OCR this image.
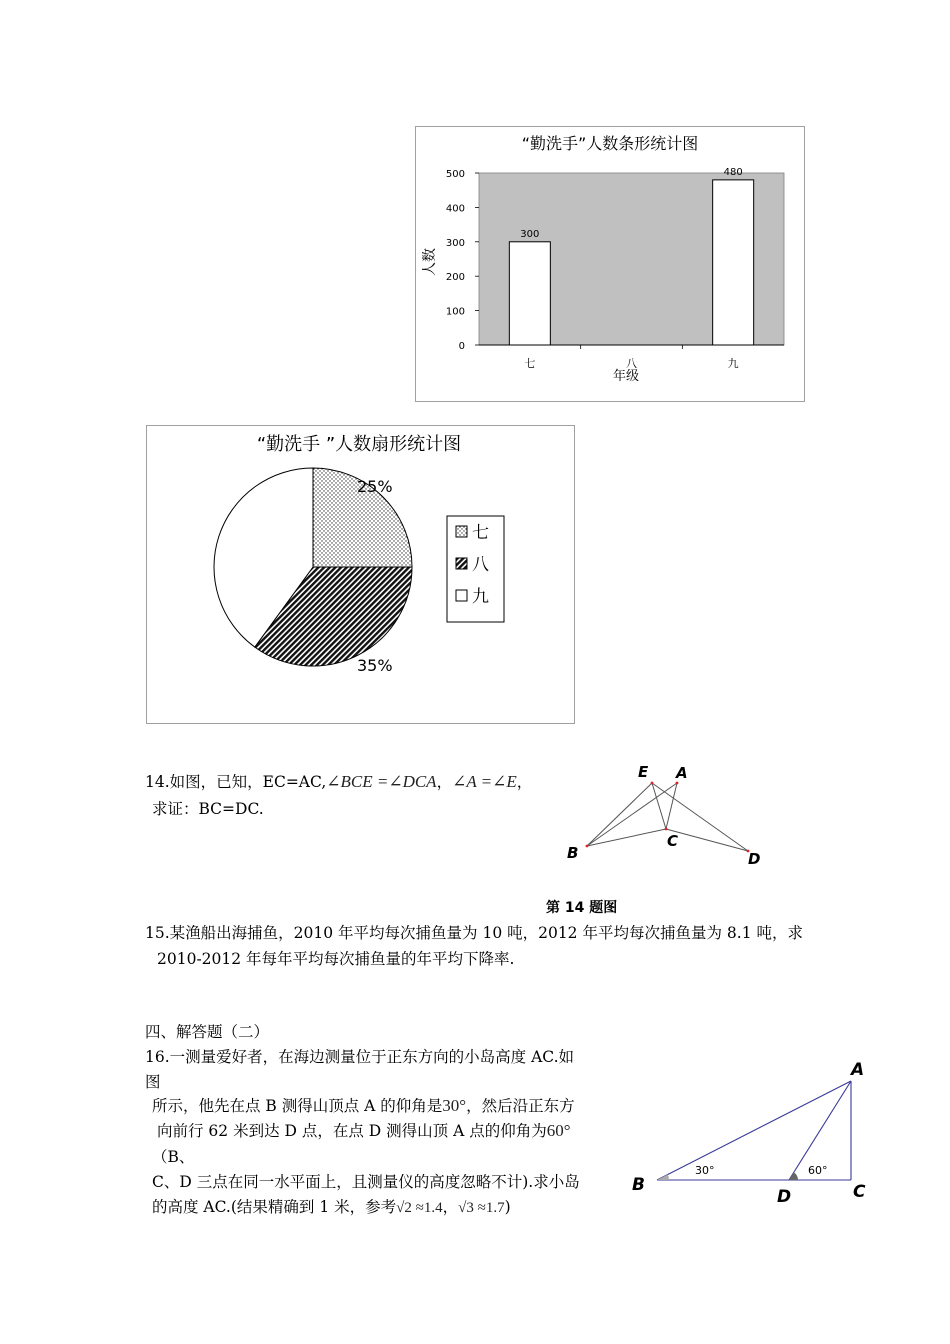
“勤洗手”人数条形统计图
0
100
200
300
400
500
300
480
七	八	九
人数
年级
“勤洗手 ”人数扇形统计图
25%
35%
七
八
九
14.如图，已知，EC=AC,∠BCE =∠DCA，∠A =∠E，
求证：BC=DC.
E A
B
C
D
第 14 题图
15.某渔船出海捕鱼，2010 年平均每次捕鱼量为 10 吨，2012 年平均每次捕鱼量为 8.1 吨，求
2010-2012 年每年平均每次捕鱼量的年平均下降率.
四、解答题（二）
16.一测量爱好者，在海边测量位于正东方向的小岛高度 AC.如
图
所示，他先在点 B 测得山顶点 A 的仰角是30°，然后沿正东方
向前行 62 米到达 D 点，在点 D 测得山顶 A 点的仰角为60°
（B、
C、D 三点在同一水平面上，且测量仪的高度忽略不计).求小岛
的高度 AC.(结果精确到 1 米，参考√2 ≈1.4，√3 ≈1.7)
30°	60°
A
B	C
D
